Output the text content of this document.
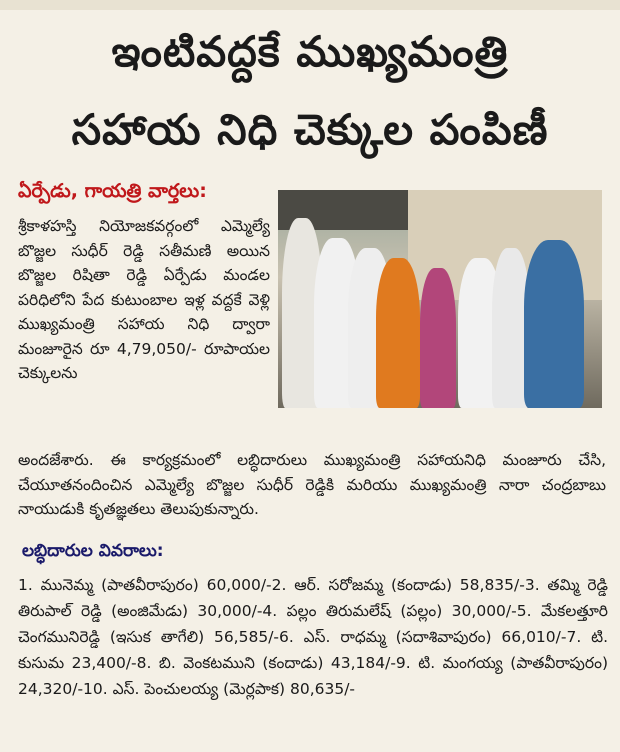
ఇంటివద్దకే ముఖ్యమంత్రి
సహాయ నిధి చెక్కుల పంపిణీ
ఏర్పేడు, గాయత్రి వార్తలు:
శ్రీకాళహస్తి నియోజకవర్గంలో ఎమ్మెల్యే బొజ్జల సుధీర్ రెడ్డి సతీమణి అయిన బొజ్జల రిషితా రెడ్డి ఏర్పేడు మండల పరిధిలోని పేద కుటుంబాల ఇళ్ల వద్దకే వెళ్లి ముఖ్యమంత్రి సహాయ నిధి ద్వారా మంజూరైన రూ 4,79,050/- రూపాయల చెక్కులను
అందజేశారు. ఈ కార్యక్రమంలో లబ్ధిదారులు ముఖ్యమంత్రి సహాయనిధి మంజూరు చేసి, చేయూతనందించిన ఎమ్మెల్యే బొజ్జల సుధీర్ రెడ్డికి మరియు ముఖ్యమంత్రి నారా చంద్రబాబు నాయుడుకి కృతజ్ఞతలు తెలుపుకున్నారు.
లబ్ధిదారుల వివరాలు:
1. మునెమ్మ (పాతవీరాపురం) 60,000/-2. ఆర్. సరోజమ్మ (కందాడు) 58,835/-3. తమ్మి రెడ్డి తిరుపాల్ రెడ్డి (అంజిమేడు) 30,000/-4. పల్లం తిరుమలేష్ (పల్లం) 30,000/-5. మేకలత్తూరి చెంగమునిరెడ్డి (ఇసుక తాగేలి) 56,585/-6. ఎస్. రాధమ్మ (సదాశివాపురం) 66,010/-7. టి. కుసుమ 23,400/-8. బి. వెంకటముని (కందాడు) 43,184/-9. టి. మంగయ్య (పాతవీరాపురం) 24,320/-10. ఎస్. పెంచులయ్య (మెర్లపాక) 80,635/-
